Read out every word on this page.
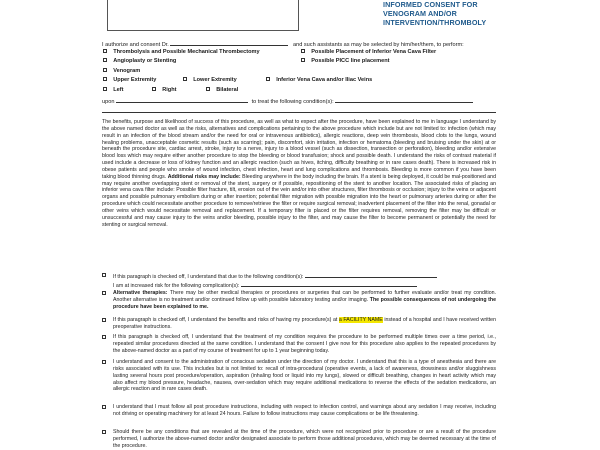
INFORMED CONSENT FOR
VENOGRAM AND/OR
INTERVENTION/THROMBOLY
I authorize and consent Dr.	and such assistants as may be selected by him/her/them, to perform:
Thrombolysis and Possible Mechanical Thrombectomy	Possible Placement of Inferior Vena Cava Filter
Angioplasty or Stenting	Possible PICC line placement
Venogram
Upper Extremity	Lower Extremity	Inferior Vena Cava and/or Iliac Veins
Left	Right	Bilateral
upon	to treat the following condition(s):
The benefits, purpose and likelihood of success of this procedure, as well as what to expect after the procedure, have been explained to me in language I understand by the above named doctor as well as the risks, alternatives and complications pertaining to the above procedure which include but are not limited to: infection (which may result in an infection of the blood stream and/or the need for oral or intravenous antibiotics), allergic reactions, deep vein thrombosis, blood clots to the lungs, wound healing problems, unacceptable cosmetic results (such as scarring); pain, discomfort, skin irritation, infection or hematoma (bleeding and bruising under the skin) at or beneath the procedure site, cardiac arrest, stroke, injury to a nerve, injury to a blood vessel (such as dissection, transection or perforation), bleeding and/or extensive blood loss which may require either another procedure to stop the bleeding or blood transfusion; shock and possible death. I understand the risks of contrast material if used include a decrease or loss of kidney function and an allergic reaction (such as hives, itching, difficulty breathing or in rare cases death). There is increased risk in obese patients and people who smoke of wound infection, chest infection, heart and lung complications and thrombosis. Bleeding is more common if you have been taking blood thinning drugs. Additional risks may include: Bleeding anywhere in the body including the brain. If a stent is being deployed, it could be mal-positioned and may require another overlapping stent or removal of the stent, surgery or if possible, repositioning of the stent to another location. The associated risks of placing an inferior vena cava filter include: Possible filter fracture, tilt, erosion out of the vein and/or into other structures, filter thrombosis or occlusion; injury to the veins or adjacent organs and possible pulmonary embolism during or after insertion; potential filter migration with possible migration into the heart or pulmonary arteries during or after the procedure which could necessitate another procedure to remove/retrieve the filter or require surgical removal; inadvertent placement of the filter into the renal, gonadal or other veins which would necessitate removal and replacement. If a temporary filter is placed or the filter requires removal, removing the filter may be difficult or unsuccessful and may cause injury to the veins and/or bleeding, possible injury to the filter, and may cause the filter to become permanent or potentially the need for stenting or surgical removal.
If this paragraph is checked off, I understand that due to the following condition(s):
I am at increased risk for the following complication(s):
Alternative therapies: There may be other medical therapies or procedures or surgeries that can be performed to further evaluate and/or treat my condition. Another alternative is no treatment and/or continued follow up with possible laboratory testing and/or imaging. The possible consequences of not undergoing the procedure have been explained to me.
If this paragraph is checked off, I understand the benefits and risks of having my procedure(s) at a FACILITY NAME instead of a hospital and I have received written preoperative instructions.
If this paragraph is checked off, I understand that the treatment of my condition requires the procedure to be performed multiple times over a time period, i.e., repeated similar procedures directed at the same condition. I understand that the consent I give now for this procedure also applies to the repeated procedures by the above-named doctor as a part of my course of treatment for up to 1 year beginning today.
I understand and consent to the administration of conscious sedation under the direction of my doctor. I understand that this is a type of anesthesia and there are risks associated with its use. This includes but is not limited to: recall of intra-procedural (operative events, a lack of awareness, drowsiness and/or sluggishness lasting several hours post procedure/operation, aspiration (inhaling food or liquid into my lungs), slowed or difficult breathing, changes in heart activity which may also affect my blood pressure, headache, nausea, over-sedation which may require additional medications to reverse the effects of the sedation medications, an allergic reaction and in rare cases death.
I understand that I must follow all post procedure instructions, including with respect to infection control, and warnings about any sedation I may receive, including not driving or operating machinery for at least 24 hours. Failure to follow instructions may cause complications or be life threatening.
Should there be any conditions that are revealed at the time of the procedure, which were not recognized prior to procedure or are a result of the procedure performed, I authorize the above-named doctor and/or designated associate to perform those additional procedures, which may be deemed necessary at the time of the procedure.
